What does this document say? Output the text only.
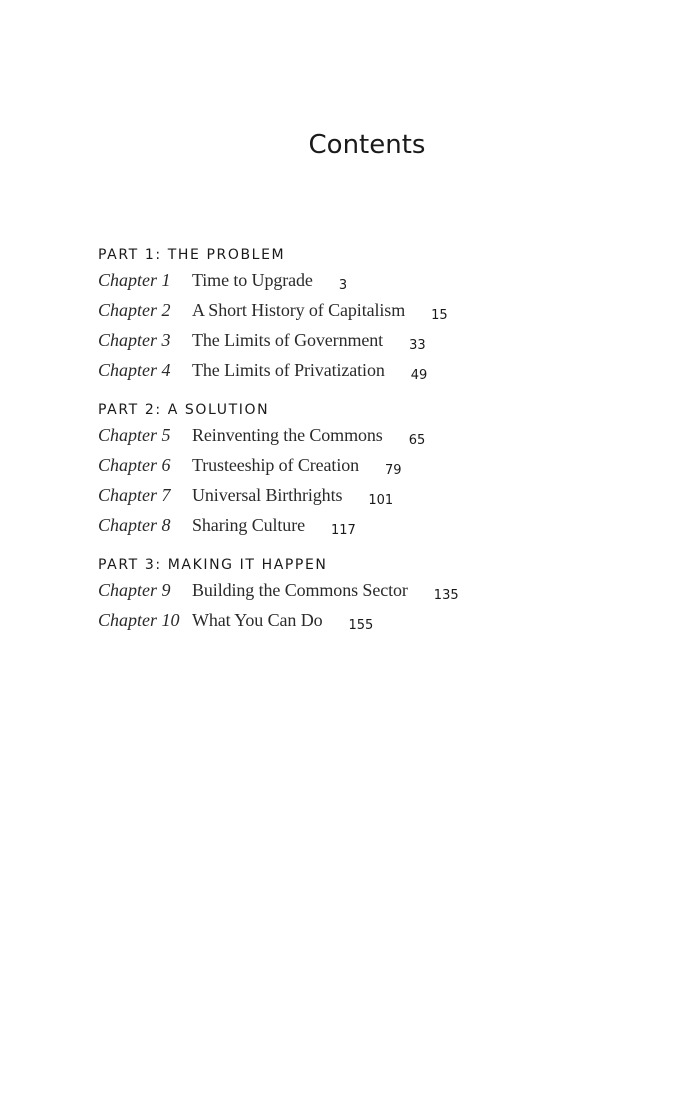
Contents
PART 1: THE PROBLEM
Chapter 1	Time to Upgrade 3
Chapter 2	A Short History of Capitalism 15
Chapter 3	The Limits of Government 33
Chapter 4	The Limits of Privatization 49
PART 2: A SOLUTION
Chapter 5	Reinventing the Commons 65
Chapter 6	Trusteeship of Creation 79
Chapter 7	Universal Birthrights 101
Chapter 8	Sharing Culture 117
PART 3: MAKING IT HAPPEN
Chapter 9	Building the Commons Sector 135
Chapter 10 What You Can Do 155
